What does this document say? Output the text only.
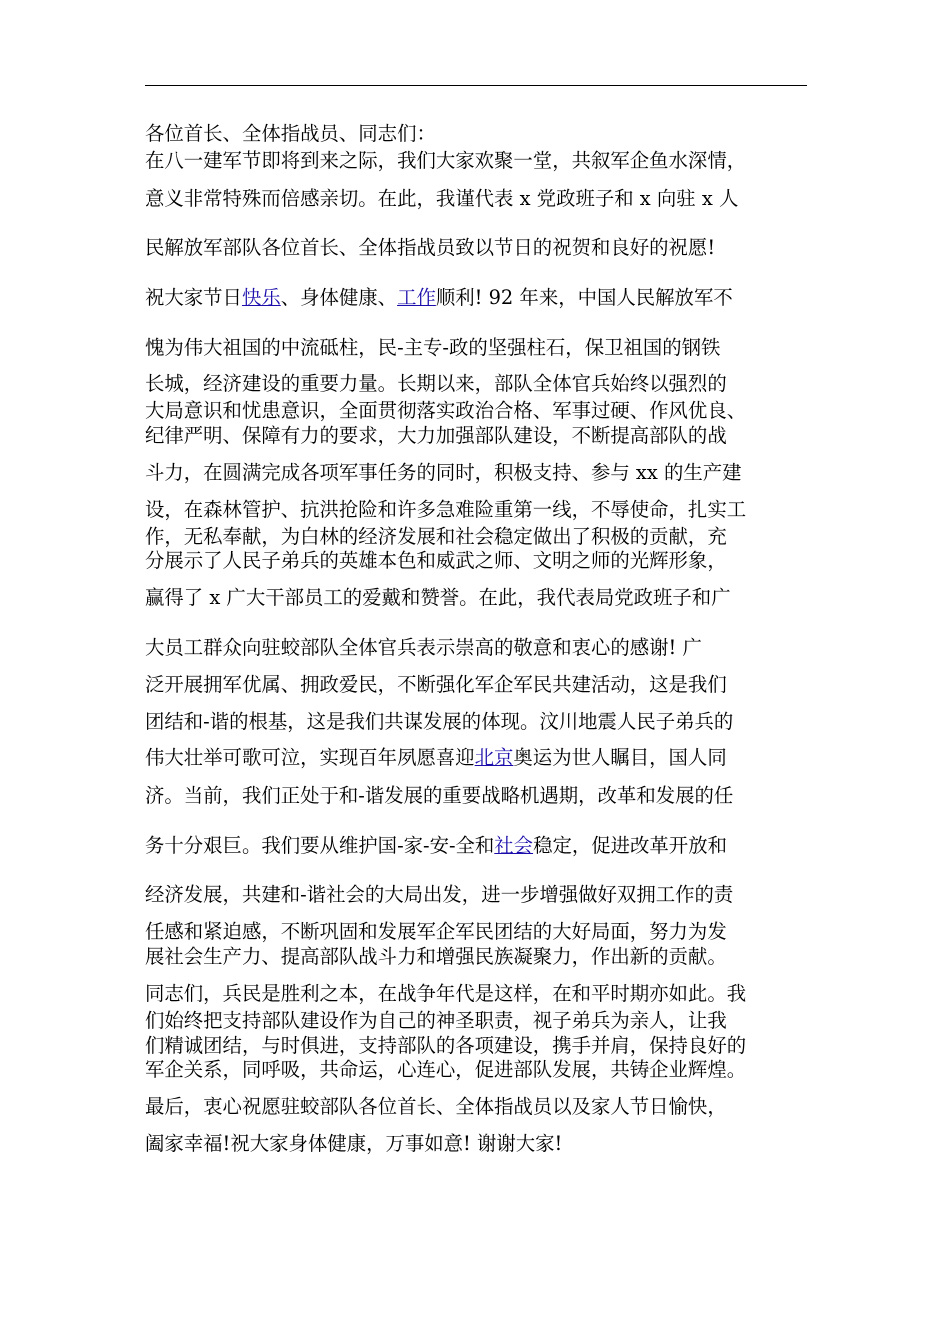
各位首长、全体指战员、同志们：

在八一建军节即将到来之际，我们大家欢聚一堂，共叙军企鱼水深情，

意义非常特殊而倍感亲切。在此，我谨代表 x 党政班子和 x 向驻 x 人

民解放军部队各位首长、全体指战员致以节日的祝贺和良好的祝愿!

祝大家节日快乐、身体健康、工作顺利! 92 年来，中国人民解放军不

愧为伟大祖国的中流砥柱，民-主专-政的坚强柱石，保卫祖国的钢铁

长城，经济建设的重要力量。长期以来，部队全体官兵始终以强烈的

大局意识和忧患意识，全面贯彻落实政治合格、军事过硬、作风优良、

纪律严明、保障有力的要求，大力加强部队建设，不断提高部队的战

斗力，在圆满完成各项军事任务的同时，积极支持、参与 xx 的生产建

设，在森林管护、抗洪抢险和许多急难险重第一线，不辱使命，扎实工

作，无私奉献，为白林的经济发展和社会稳定做出了积极的贡献，充

分展示了人民子弟兵的英雄本色和威武之师、文明之师的光辉形象，

赢得了 x 广大干部员工的爱戴和赞誉。在此，我代表局党政班子和广

大员工群众向驻蛟部队全体官兵表示崇高的敬意和衷心的感谢! 广

泛开展拥军优属、拥政爱民，不断强化军企军民共建活动，这是我们

团结和-谐的根基，这是我们共谋发展的体现。汶川地震人民子弟兵的

伟大壮举可歌可泣，实现百年夙愿喜迎北京奥运为世人瞩目，国人同

济。当前，我们正处于和-谐发展的重要战略机遇期，改革和发展的任

务十分艰巨。我们要从维护国-家-安-全和社会稳定，促进改革开放和

经济发展，共建和-谐社会的大局出发，进一步增强做好双拥工作的责

任感和紧迫感，不断巩固和发展军企军民团结的大好局面，努力为发

展社会生产力、提高部队战斗力和增强民族凝聚力，作出新的贡献。

同志们，兵民是胜利之本，在战争年代是这样，在和平时期亦如此。我

们始终把支持部队建设作为自己的神圣职责，视子弟兵为亲人，让我

们精诚团结，与时俱进，支持部队的各项建设，携手并肩，保持良好的

军企关系，同呼吸，共命运，心连心，促进部队发展，共铸企业辉煌。

最后，衷心祝愿驻蛟部队各位首长、全体指战员以及家人节日愉快，

阖家幸福!祝大家身体健康，万事如意! 谢谢大家!
